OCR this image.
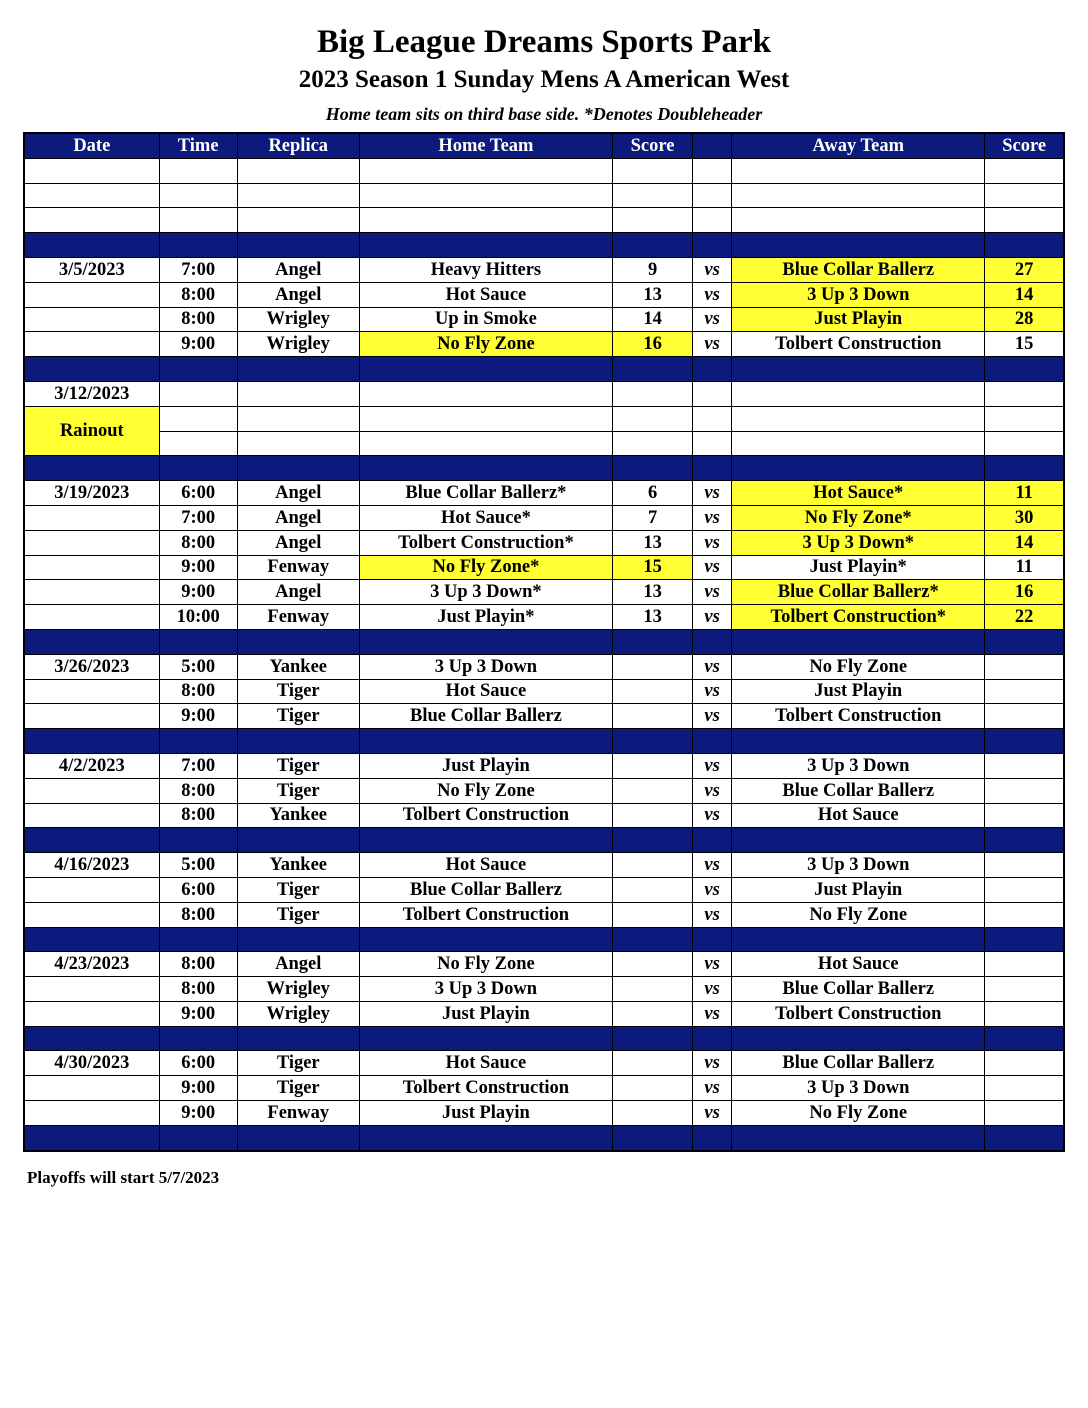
Big League Dreams Sports Park
2023 Season 1 Sunday Mens A American West
Home team sits on third base side. *Denotes Doubleheader
Date	Time	Replica	Home Team	Score		Away Team	Score

3/5/2023	7:00	Angel	Heavy Hitters	9	vs	Blue Collar Ballerz	27
	8:00	Angel	Hot Sauce	13	vs	3 Up 3 Down	14
	8:00	Wrigley	Up in Smoke	14	vs	Just Playin	28
	9:00	Wrigley	No Fly Zone	16	vs	Tolbert Construction	15

3/12/2023							
Rainout							

3/19/2023	6:00	Angel	Blue Collar Ballerz*	6	vs	Hot Sauce*	11
	7:00	Angel	Hot Sauce*	7	vs	No Fly Zone*	30
	8:00	Angel	Tolbert Construction*	13	vs	3 Up 3 Down*	14
	9:00	Fenway	No Fly Zone*	15	vs	Just Playin*	11
	9:00	Angel	3 Up 3 Down*	13	vs	Blue Collar Ballerz*	16
	10:00	Fenway	Just Playin*	13	vs	Tolbert Construction*	22

3/26/2023	5:00	Yankee	3 Up 3 Down		vs	No Fly Zone	
	8:00	Tiger	Hot Sauce		vs	Just Playin	
	9:00	Tiger	Blue Collar Ballerz		vs	Tolbert Construction	

4/2/2023	7:00	Tiger	Just Playin		vs	3 Up 3 Down	
	8:00	Tiger	No Fly Zone		vs	Blue Collar Ballerz	
	8:00	Yankee	Tolbert Construction		vs	Hot Sauce	

4/16/2023	5:00	Yankee	Hot Sauce		vs	3 Up 3 Down	
	6:00	Tiger	Blue Collar Ballerz		vs	Just Playin	
	8:00	Tiger	Tolbert Construction		vs	No Fly Zone	

4/23/2023	8:00	Angel	No Fly Zone		vs	Hot Sauce	
	8:00	Wrigley	3 Up 3 Down		vs	Blue Collar Ballerz	
	9:00	Wrigley	Just Playin		vs	Tolbert Construction	

4/30/2023	6:00	Tiger	Hot Sauce		vs	Blue Collar Ballerz	
	9:00	Tiger	Tolbert Construction		vs	3 Up 3 Down	
	9:00	Fenway	Just Playin		vs	No Fly Zone	

Playoffs will start 5/7/2023
